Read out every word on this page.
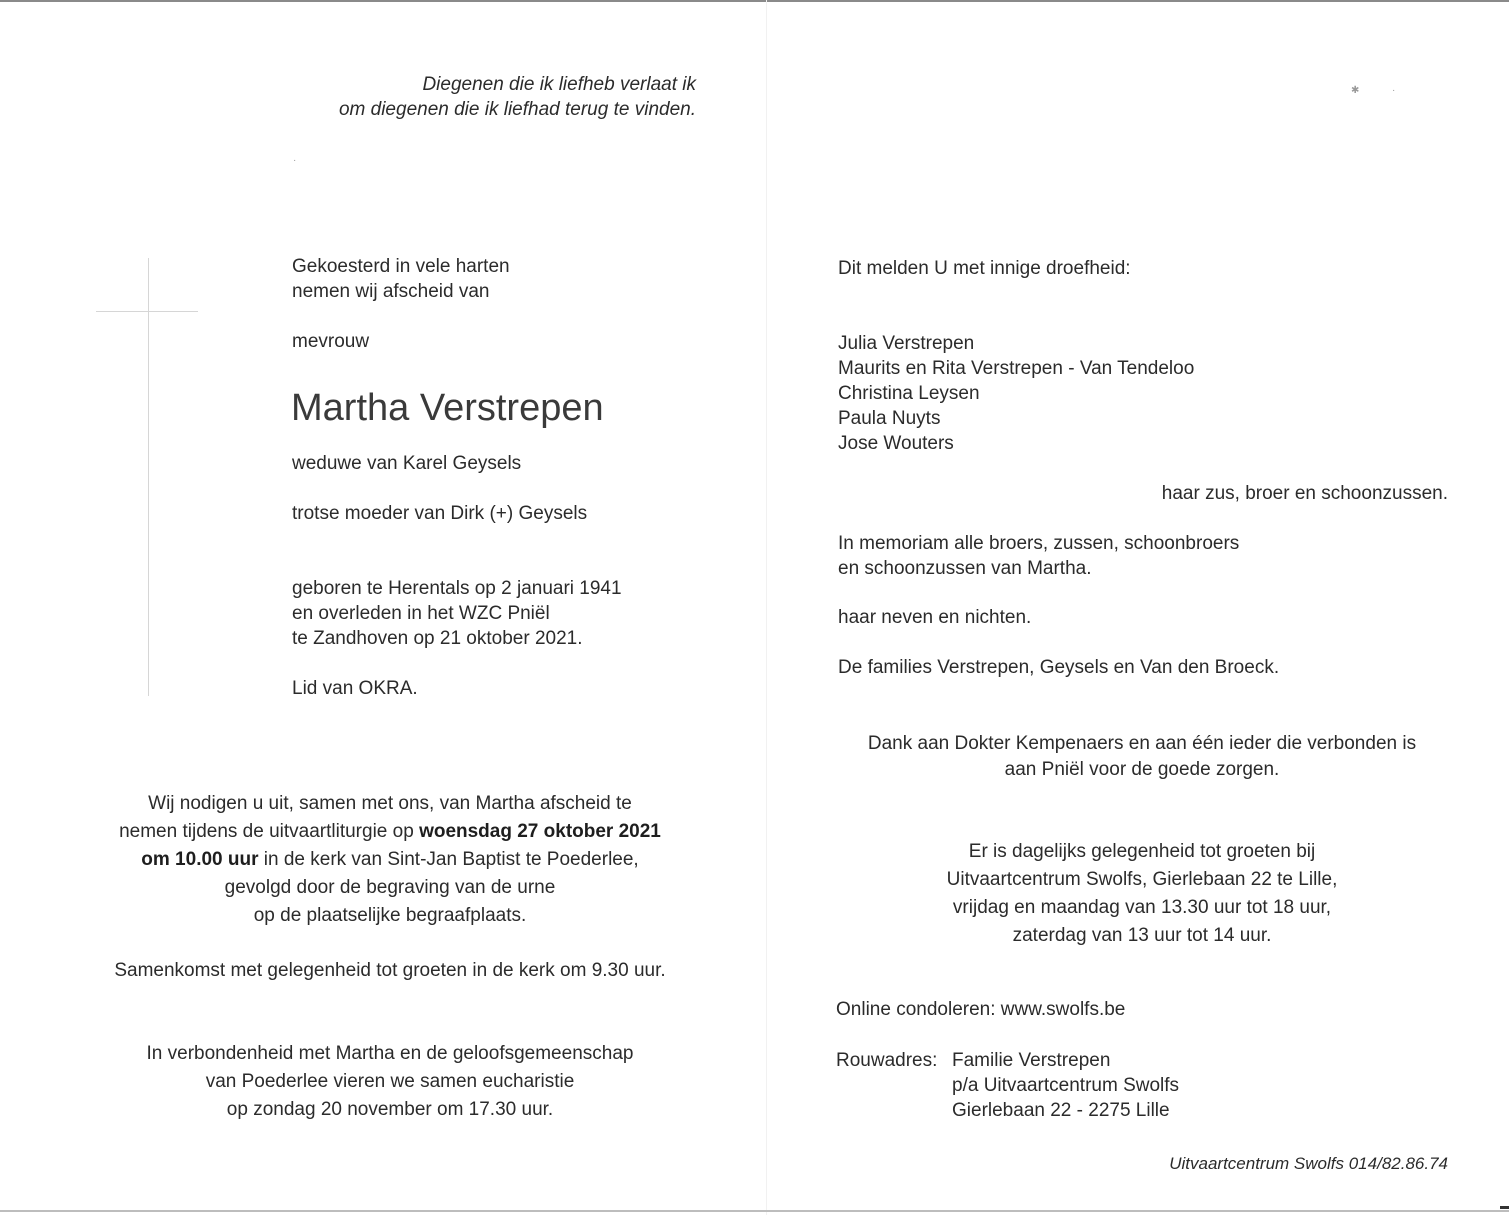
✱	·
·
Diegenen die ik liefheb verlaat ik
om diegenen die ik liefhad terug te vinden.
Gekoesterd in vele harten
nemen wij afscheid van
mevrouw
Martha Verstrepen
weduwe van Karel Geysels
trotse moeder van Dirk (+) Geysels
geboren te Herentals op 2 januari 1941
en overleden in het WZC Pniël
te Zandhoven op 21 oktober 2021.
Lid van OKRA.
Wij nodigen u uit, samen met ons, van Martha afscheid te
nemen tijdens de uitvaartliturgie op woensdag 27 oktober 2021
om 10.00 uur in de kerk van Sint-Jan Baptist te Poederlee,
gevolgd door de begraving van de urne
op de plaatselijke begraafplaats.
Samenkomst met gelegenheid tot groeten in de kerk om 9.30 uur.
In verbondenheid met Martha en de geloofsgemeenschap
van Poederlee vieren we samen eucharistie
op zondag 20 november om 17.30 uur.
Dit melden U met innige droefheid:
Julia Verstrepen
Maurits en Rita Verstrepen - Van Tendeloo
Christina Leysen
Paula Nuyts
Jose Wouters
haar zus, broer en schoonzussen.
In memoriam alle broers, zussen, schoonbroers
en schoonzussen van Martha.
haar neven en nichten.
De families Verstrepen, Geysels en Van den Broeck.
Dank aan Dokter Kempenaers en aan één ieder die verbonden is
aan Pniël voor de goede zorgen.
Er is dagelijks gelegenheid tot groeten bij
Uitvaartcentrum Swolfs, Gierlebaan 22 te Lille,
vrijdag en maandag van 13.30 uur tot 18 uur,
zaterdag van 13 uur tot 14 uur.
Online condoleren: www.swolfs.be
Rouwadres: Familie Verstrepen
p/a Uitvaartcentrum Swolfs
Gierlebaan 22 - 2275 Lille
Uitvaartcentrum Swolfs 014/82.86.74
